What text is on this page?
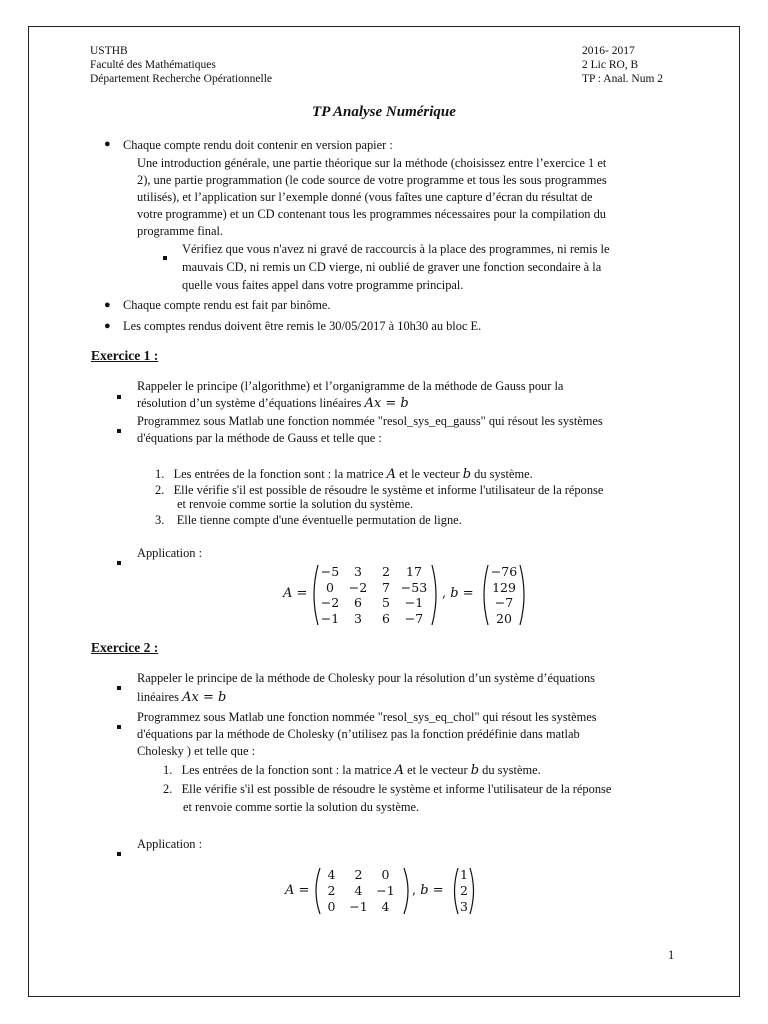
USTHB
Faculté des Mathématiques
Département Recherche Opérationnelle
2016- 2017
2 Lic RO, B
TP : Anal. Num 2
TP Analyse Numérique
● Chaque compte rendu doit contenir en version papier :
Une introduction générale, une partie théorique sur la méthode (choisissez entre l’exercice 1 et
2), une partie programmation (le code source de votre programme et tous les sous programmes
utilisés), et l’application sur l’exemple donné (vous faîtes une capture d’écran du résultat de
votre programme) et un CD contenant tous les programmes nécessaires pour la compilation du
programme final.
Vérifiez que vous n'avez ni gravé de raccourcis à la place des programmes, ni remis le
mauvais CD, ni remis un CD vierge, ni oublié de graver une fonction secondaire à la
quelle vous faites appel dans votre programme principal.
● Chaque compte rendu est fait par binôme.
● Les comptes rendus doivent être remis le 30/05/2017 à 10h30 au bloc E.
Exercice 1 :
Rappeler le principe (l’algorithme) et l’organigramme de la méthode de Gauss pour la
résolution d’un système d’équations linéaires Ax = b
Programmez sous Matlab une fonction nommée "resol_sys_eq_gauss" qui résout les systèmes
d'équations par la méthode de Gauss et telle que :
1. Les entrées de la fonction sont : la matrice A et le vecteur b du système.
2. Elle vérifie s'il est possible de résoudre le système et informe l'utilisateur de la réponse
et renvoie comme sortie la solution du système.
3. Elle tienne compte d'une éventuelle permutation de ligne.
Application :
A =	, b =
Exercice 2 :
Rappeler le principe de la méthode de Cholesky pour la résolution d’un système d’équations
linéaires Ax = b
Programmez sous Matlab une fonction nommée "resol_sys_eq_chol" qui résout les systèmes
d'équations par la méthode de Cholesky (n’utilisez pas la fonction prédéfinie dans matlab
Cholesky ) et telle que :
1. Les entrées de la fonction sont : la matrice A et le vecteur b du système.
2. Elle vérifie s'il est possible de résoudre le système et informe l'utilisateur de la réponse
et renvoie comme sortie la solution du système.
Application :
A =	, b =
1
−5	3	2	17
0	−2	7 −53
−2	6	5	−1
−1	3	6	−7
−76
129
−7
20
4	2	0
2	4	−1
0	−1	4
1
2
3
